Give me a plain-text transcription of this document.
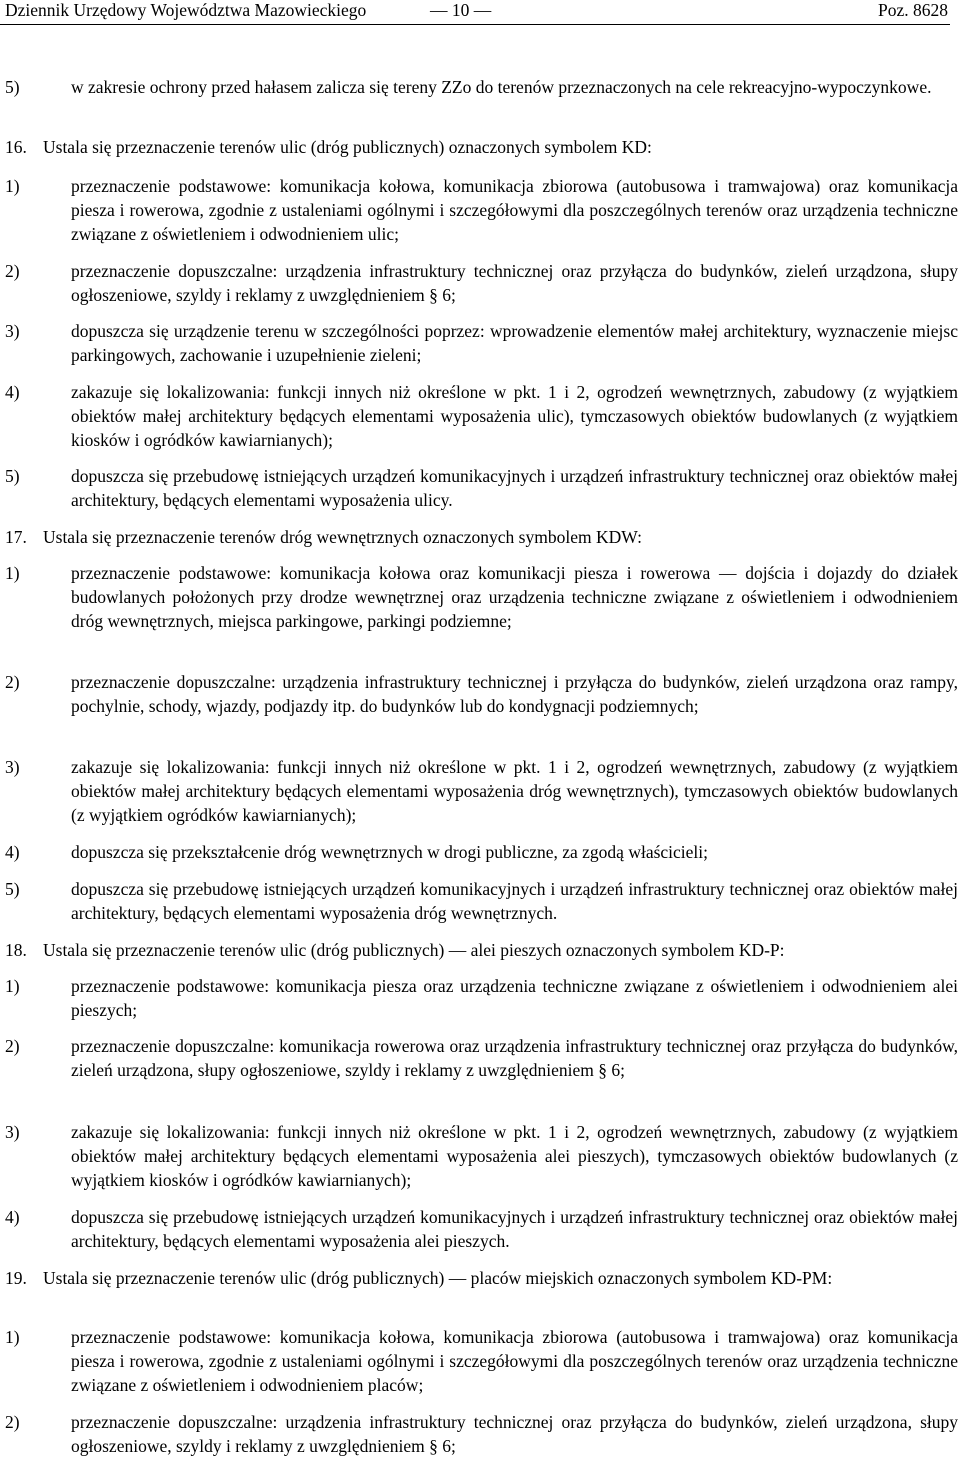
Dziennik Urzędowy Województwa Mazowieckiego	— 10 —	Poz. 8628
5)	w zakresie ochrony przed hałasem zalicza się tereny ZZo do terenów przeznaczonych na cele rekreacyjno-wypoczynkowe.
16. Ustala się przeznaczenie terenów ulic (dróg publicznych) oznaczonych symbolem KD:
1)	przeznaczenie podstawowe: komunikacja kołowa, komunikacja zbiorowa (autobusowa i tramwajowa) oraz komunikacja piesza i rowerowa, zgodnie z ustaleniami ogólnymi i szczegółowymi dla poszczególnych terenów oraz urządzenia techniczne związane z oświetleniem i odwodnieniem ulic;
2)	przeznaczenie dopuszczalne: urządzenia infrastruktury technicznej oraz przyłącza do budynków, zieleń urządzona, słupy ogłoszeniowe, szyldy i reklamy z uwzględnieniem § 6;
3)	dopuszcza się urządzenie terenu w szczególności poprzez: wprowadzenie elementów małej architektury, wyznaczenie miejsc parkingowych, zachowanie i uzupełnienie zieleni;
4)	zakazuje się lokalizowania: funkcji innych niż określone w pkt. 1 i 2, ogrodzeń wewnętrznych, zabudowy (z wyjątkiem obiektów małej architektury będących elementami wyposażenia ulic), tymczasowych obiektów budowlanych (z wyjątkiem kiosków i ogródków kawiarnianych);
5)	dopuszcza się przebudowę istniejących urządzeń komunikacyjnych i urządzeń infrastruktury technicznej oraz obiektów małej architektury, będących elementami wyposażenia ulicy.
17. Ustala się przeznaczenie terenów dróg wewnętrznych oznaczonych symbolem KDW:
1)	przeznaczenie podstawowe: komunikacja kołowa oraz komunikacji piesza i rowerowa — dojścia i dojazdy do działek budowlanych położonych przy drodze wewnętrznej oraz urządzenia techniczne związane z oświetleniem i odwodnieniem dróg wewnętrznych, miejsca parkingowe, parkingi podziemne;
2)	przeznaczenie dopuszczalne: urządzenia infrastruktury technicznej i przyłącza do budynków, zieleń urządzona oraz rampy, pochylnie, schody, wjazdy, podjazdy itp. do budynków lub do kondygnacji podziemnych;
3)	zakazuje się lokalizowania: funkcji innych niż określone w pkt. 1 i 2, ogrodzeń wewnętrznych, zabudowy (z wyjątkiem obiektów małej architektury będących elementami wyposażenia dróg wewnętrznych), tymczasowych obiektów budowlanych (z wyjątkiem ogródków kawiarnianych);
4)	dopuszcza się przekształcenie dróg wewnętrznych w drogi publiczne, za zgodą właścicieli;
5)	dopuszcza się przebudowę istniejących urządzeń komunikacyjnych i urządzeń infrastruktury technicznej oraz obiektów małej architektury, będących elementami wyposażenia dróg wewnętrznych.
18. Ustala się przeznaczenie terenów ulic (dróg publicznych) — alei pieszych oznaczonych symbolem KD-P:
1)	przeznaczenie podstawowe: komunikacja piesza oraz urządzenia techniczne związane z oświetleniem i odwodnieniem alei pieszych;
2)	przeznaczenie dopuszczalne: komunikacja rowerowa oraz urządzenia infrastruktury technicznej oraz przyłącza do budynków, zieleń urządzona, słupy ogłoszeniowe, szyldy i reklamy z uwzględnieniem § 6;
3)	zakazuje się lokalizowania: funkcji innych niż określone w pkt. 1 i 2, ogrodzeń wewnętrznych, zabudowy (z wyjątkiem obiektów małej architektury będących elementami wyposażenia alei pieszych), tymczasowych obiektów budowlanych (z wyjątkiem kiosków i ogródków kawiarnianych);
4)	dopuszcza się przebudowę istniejących urządzeń komunikacyjnych i urządzeń infrastruktury technicznej oraz obiektów małej architektury, będących elementami wyposażenia alei pieszych.
19. Ustala się przeznaczenie terenów ulic (dróg publicznych) — placów miejskich oznaczonych symbolem KD-PM:
1)	przeznaczenie podstawowe: komunikacja kołowa, komunikacja zbiorowa (autobusowa i tramwajowa) oraz komunikacja piesza i rowerowa, zgodnie z ustaleniami ogólnymi i szczegółowymi dla poszczególnych terenów oraz urządzenia techniczne związane z oświetleniem i odwodnieniem placów;
2)	przeznaczenie dopuszczalne: urządzenia infrastruktury technicznej oraz przyłącza do budynków, zieleń urządzona, słupy ogłoszeniowe, szyldy i reklamy z uwzględnieniem § 6;
